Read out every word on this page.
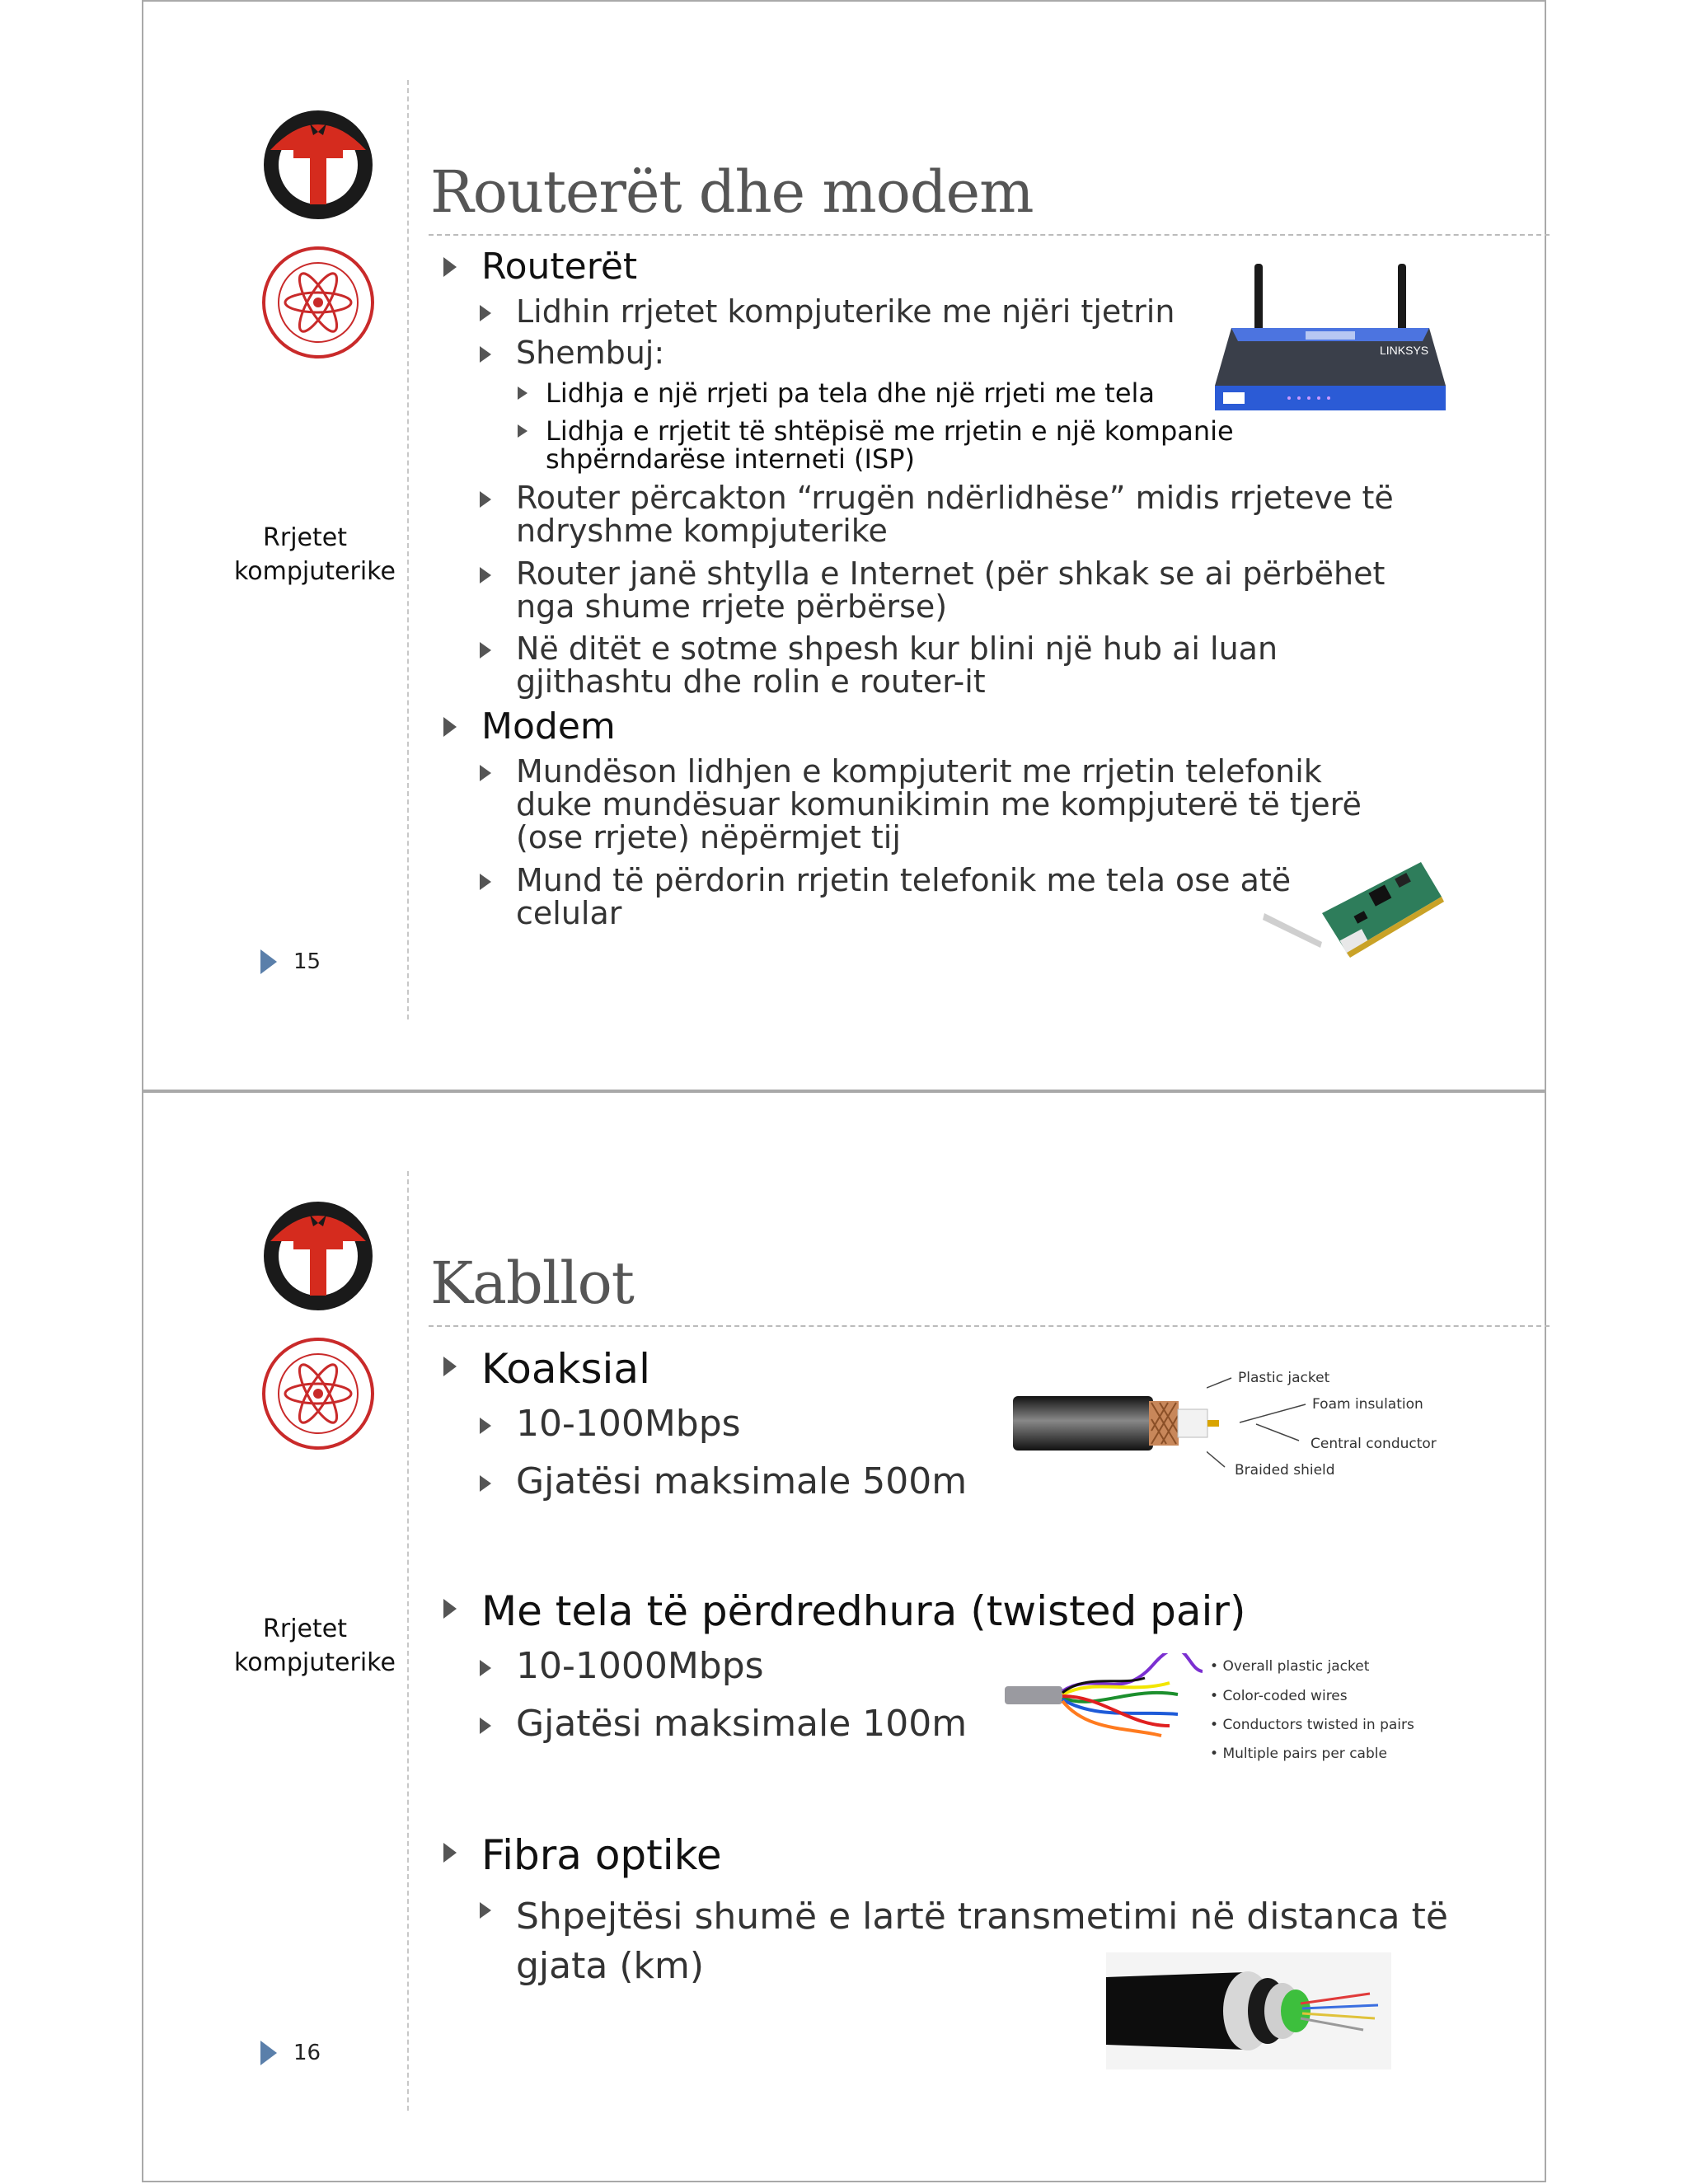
Rrjetet
kompjuterike
15
Routerët dhe modem
Routerët
Lidhin rrjetet kompjuterike me njëri tjetrin
Shembuj:
Lidhja e një rrjeti pa tela dhe një rrjeti me tela
Lidhja e rrjetit të shtëpisë me rrjetin e një kompanie
shpërndarëse interneti (ISP)
Router përcakton “rrugën ndërlidhëse” midis rrjeteve të
ndryshme kompjuterike
Router janë shtylla e Internet (për shkak se ai përbëhet
nga shume rrjete përbërse)
Në ditët e sotme shpesh kur blini një hub ai luan
gjithashtu dhe rolin e router-it
Modem
Mundëson lidhjen e kompjuterit me rrjetin telefonik
duke mundësuar komunikimin me kompjuterë të tjerë
(ose rrjete) nëpërmjet tij
Mund të përdorin rrjetin telefonik me tela ose atë
celular
LINKSYS
Rrjetet
kompjuterike
16
Kabllot
Koaksial
10-100Mbps
Gjatësi maksimale 500m
Me tela të përdredhura (twisted pair)
10-1000Mbps
Gjatësi maksimale 100m
Fibra optike
Shpejtësi shumë e lartë transmetimi në distanca të
gjata (km)
Plastic jacket
Foam insulation
Central conductor
Braided shield
• Overall plastic jacket
• Color-coded wires
• Conductors twisted in pairs
• Multiple pairs per cable
